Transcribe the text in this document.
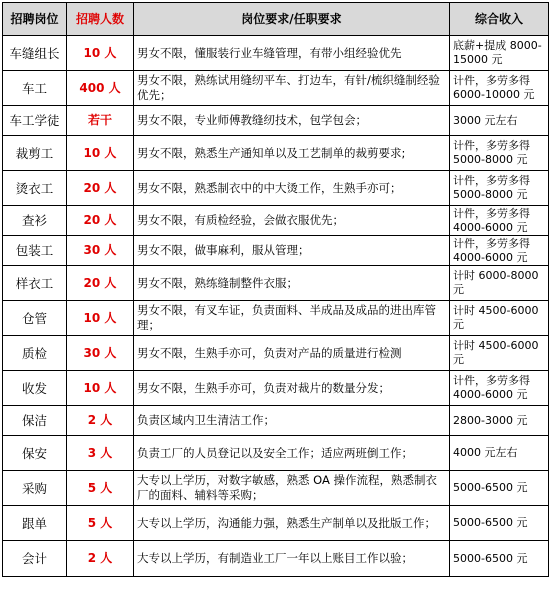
招聘岗位	招聘人数	岗位要求/任职要求	综合收入
车缝组长	10 人	男女不限，懂服装行业车缝管理，有带小组经验优先	底薪+提成 8000-15000 元
车工	400 人	男女不限，熟练试用缝纫平车、打边车，有针/梳织缝制经验优先；	计件，多劳多得 6000-10000 元
车工学徒	若干	男女不限，专业师傅教缝纫技术，包学包会；	3000 元左右
裁剪工	10 人	男女不限，熟悉生产通知单以及工艺制单的裁剪要求;	计件，多劳多得 5000-8000 元
烫衣工	20 人	男女不限，熟悉制衣中的中大烫工作，生熟手亦可；	计件，多劳多得 5000-8000 元
查衫	20 人	男女不限，有质检经验，会做衣服优先；	计件，多劳多得 4000-6000 元
包装工	30 人	男女不限，做事麻利，服从管理；	计件，多劳多得 4000-6000 元
样衣工	20 人	男女不限，熟练缝制整件衣服；	计时 6000-8000 元
仓管	10 人	男女不限，有叉车证，负责面料、半成品及成品的进出库管理；	计时 4500-6000 元
质检	30 人	男女不限，生熟手亦可，负责对产品的质量进行检测	计时 4500-6000 元
收发	10 人	男女不限，生熟手亦可，负责对裁片的数量分发；	计件，多劳多得 4000-6000 元
保洁	2 人	负责区域内卫生清洁工作；	2800-3000 元
保安	3 人	负责工厂的人员登记以及安全工作；适应两班倒工作；	4000 元左右
采购	5 人	大专以上学历，对数字敏感，熟悉 OA 操作流程，熟悉制衣厂的面料、辅料等采购；	5000-6500 元
跟单	5 人	大专以上学历，沟通能力强，熟悉生产制单以及批版工作；	5000-6500 元
会计	2 人	大专以上学历，有制造业工厂一年以上账目工作以验；	5000-6500 元
